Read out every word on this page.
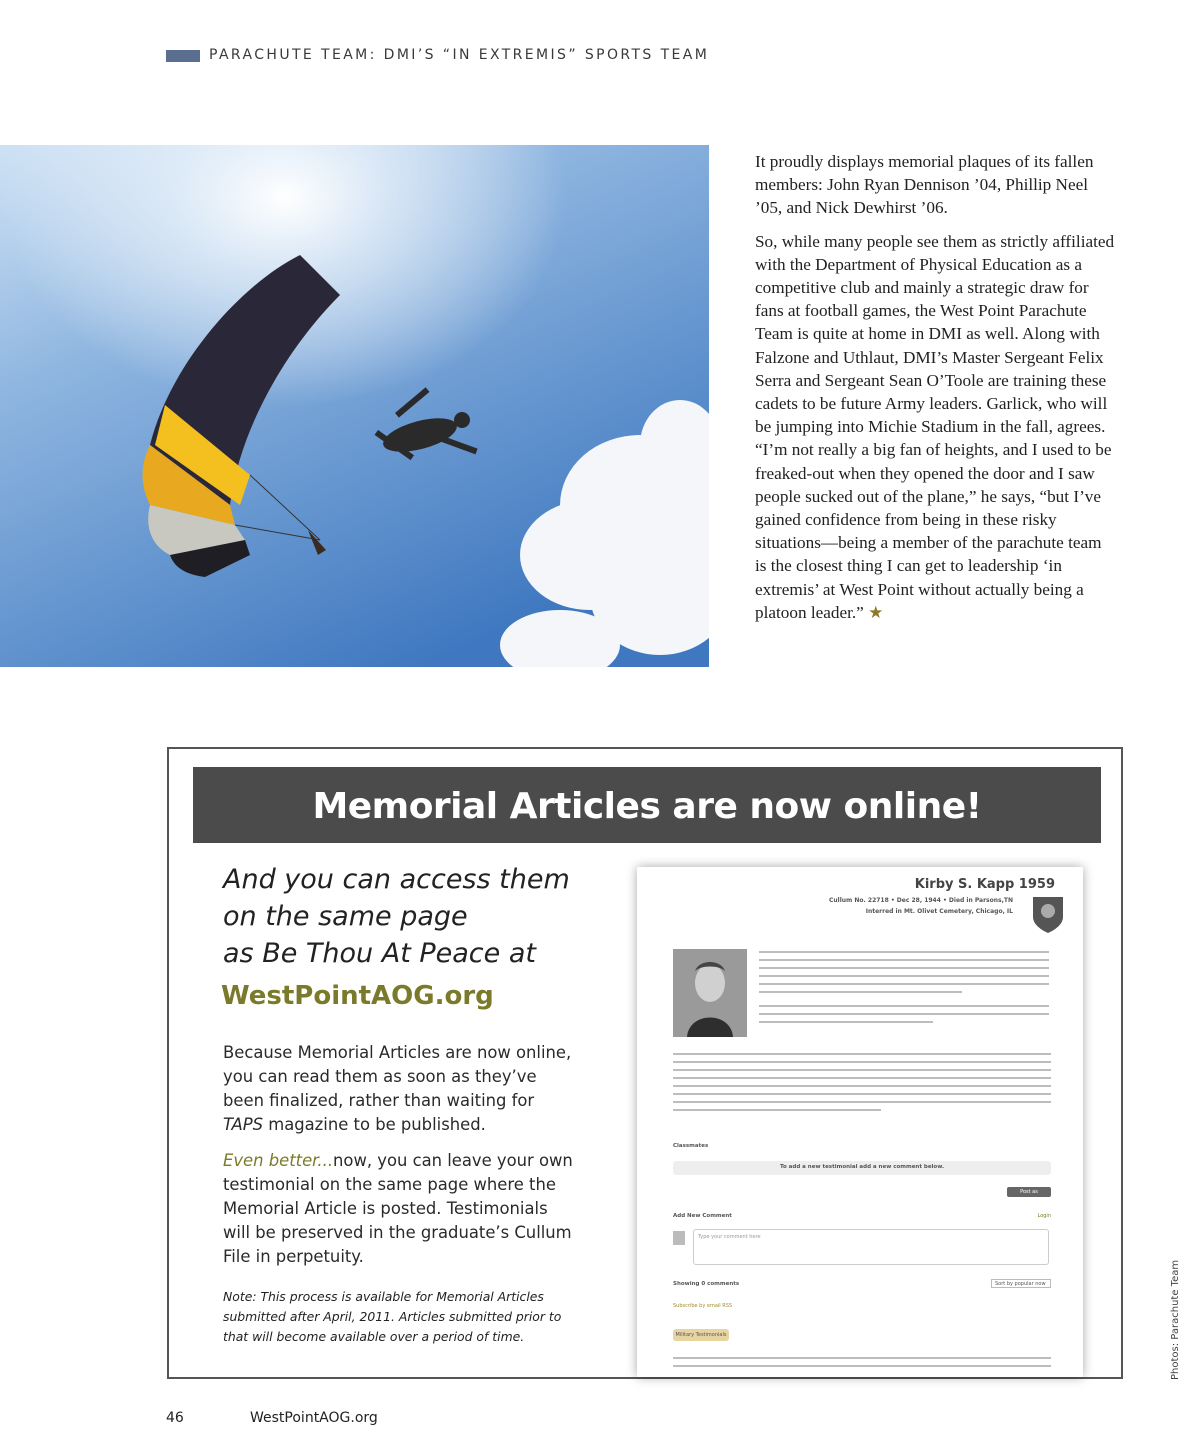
PARACHUTE TEAM: DMI’S “IN EXTREMIS” SPORTS TEAM

It proudly displays memorial plaques of its fallen members: John Ryan Dennison ’04, Phillip Neel ’05, and Nick Dewhirst ’06.

So, while many people see them as strictly affiliated with the Department of Physical Education as a competitive club and mainly a strategic draw for fans at football games, the West Point Parachute Team is quite at home in DMI as well. Along with Falzone and Uthlaut, DMI’s Master Sergeant Felix Serra and Sergeant Sean O’Toole are training these cadets to be future Army leaders. Garlick, who will be jumping into Michie Stadium in the fall, agrees. “I’m not really a big fan of heights, and I used to be freaked-out when they opened the door and I saw people sucked out of the plane,” he says, “but I’ve gained confidence from being in these risky situations—being a member of the parachute team is the closest thing I can get to leadership ‘in extremis’ at West Point without actually being a platoon leader.” ★

Memorial Articles are now online!
And you can access them
on the same page
as Be Thou At Peace at
WestPointAOG.org

Because Memorial Articles are now online, you can read them as soon as they’ve been finalized, rather than waiting for TAPS magazine to be published.

Even better...now, you can leave your own testimonial on the same page where the Memorial Article is posted. Testimonials will be preserved in the graduate’s Cullum File in perpetuity.

Note: This process is available for Memorial Articles submitted after April, 2011. Articles submitted prior to that will become available over a period of time.
Kirby S. Kapp 1959
Cullum No. 22718 • Dec 28, 1944 • Died in Parsons,TN
Interred in Mt. Olivet Cemetery, Chicago, IL
Classmates
To add a new testimonial add a new comment below.
Post as
Add New Comment	Login
Type your comment here
Showing 0 comments	Sort by popular now
Subscribe by email RSS
Military Testimonials	Photos: Parachute Team
46	WestPointAOG.org
